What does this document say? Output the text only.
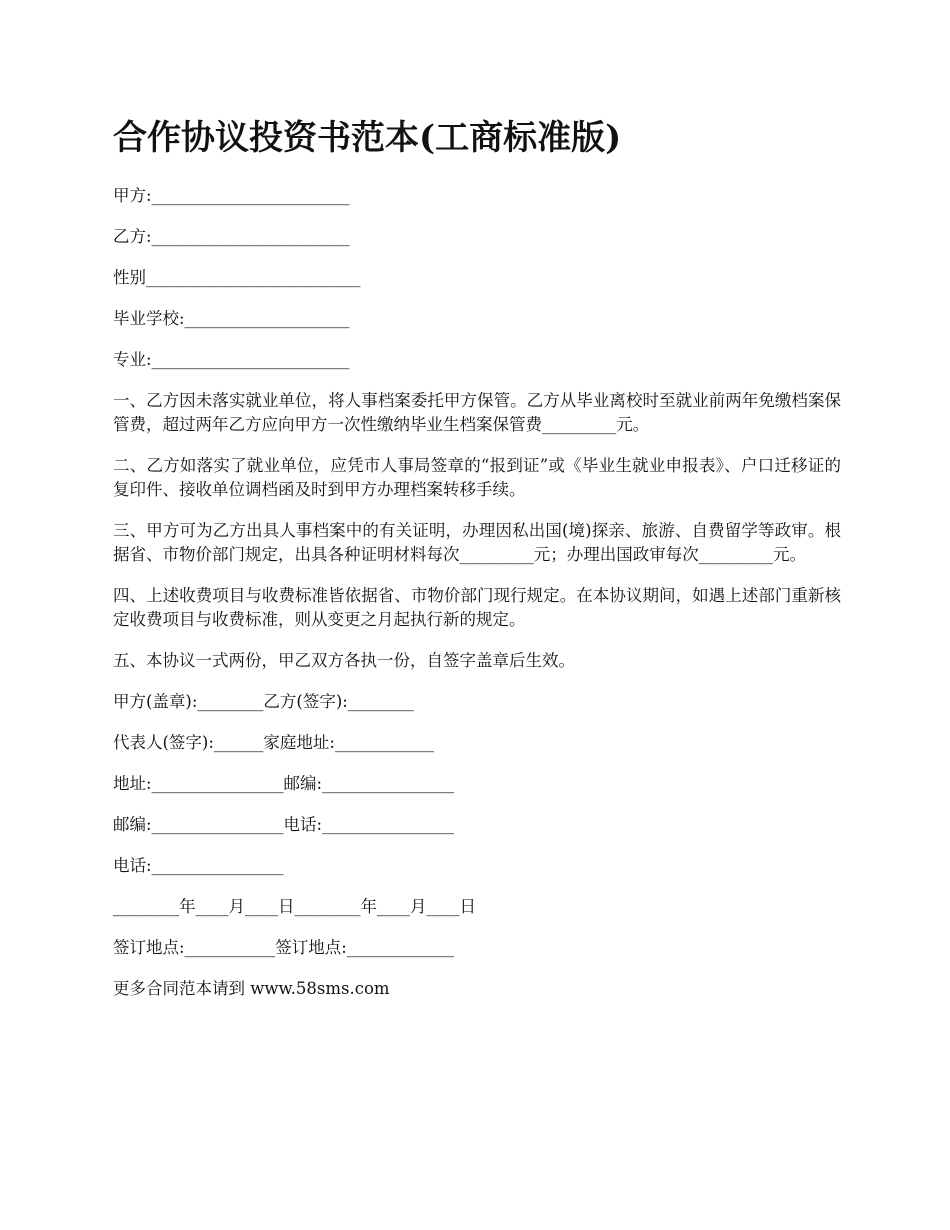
合作协议投资书范本(工商标准版)

甲方:________________________

乙方:________________________

性别__________________________

毕业学校:____________________

专业:________________________

一、乙方因未落实就业单位，将人事档案委托甲方保管。乙方从毕业离校时至就业前两年免缴档案保管费，超过两年乙方应向甲方一次性缴纳毕业生档案保管费_________元。

二、乙方如落实了就业单位，应凭市人事局签章的“报到证”或《毕业生就业申报表》、户口迁移证的复印件、接收单位调档函及时到甲方办理档案转移手续。

三、甲方可为乙方出具人事档案中的有关证明，办理因私出国(境)探亲、旅游、自费留学等政审。根据省、市物价部门规定，出具各种证明材料每次_________元；办理出国政审每次_________元。

四、上述收费项目与收费标准皆依据省、市物价部门现行规定。在本协议期间，如遇上述部门重新核定收费项目与收费标准，则从变更之月起执行新的规定。

五、本协议一式两份，甲乙双方各执一份，自签字盖章后生效。

甲方(盖章):________乙方(签字):________

代表人(签字):______家庭地址:____________

地址:________________邮编:________________

邮编:________________电话:________________

电话:________________

________年____月____日________年____月____日

签订地点:___________签订地点:_____________

更多合同范本请到 www.58sms.com
